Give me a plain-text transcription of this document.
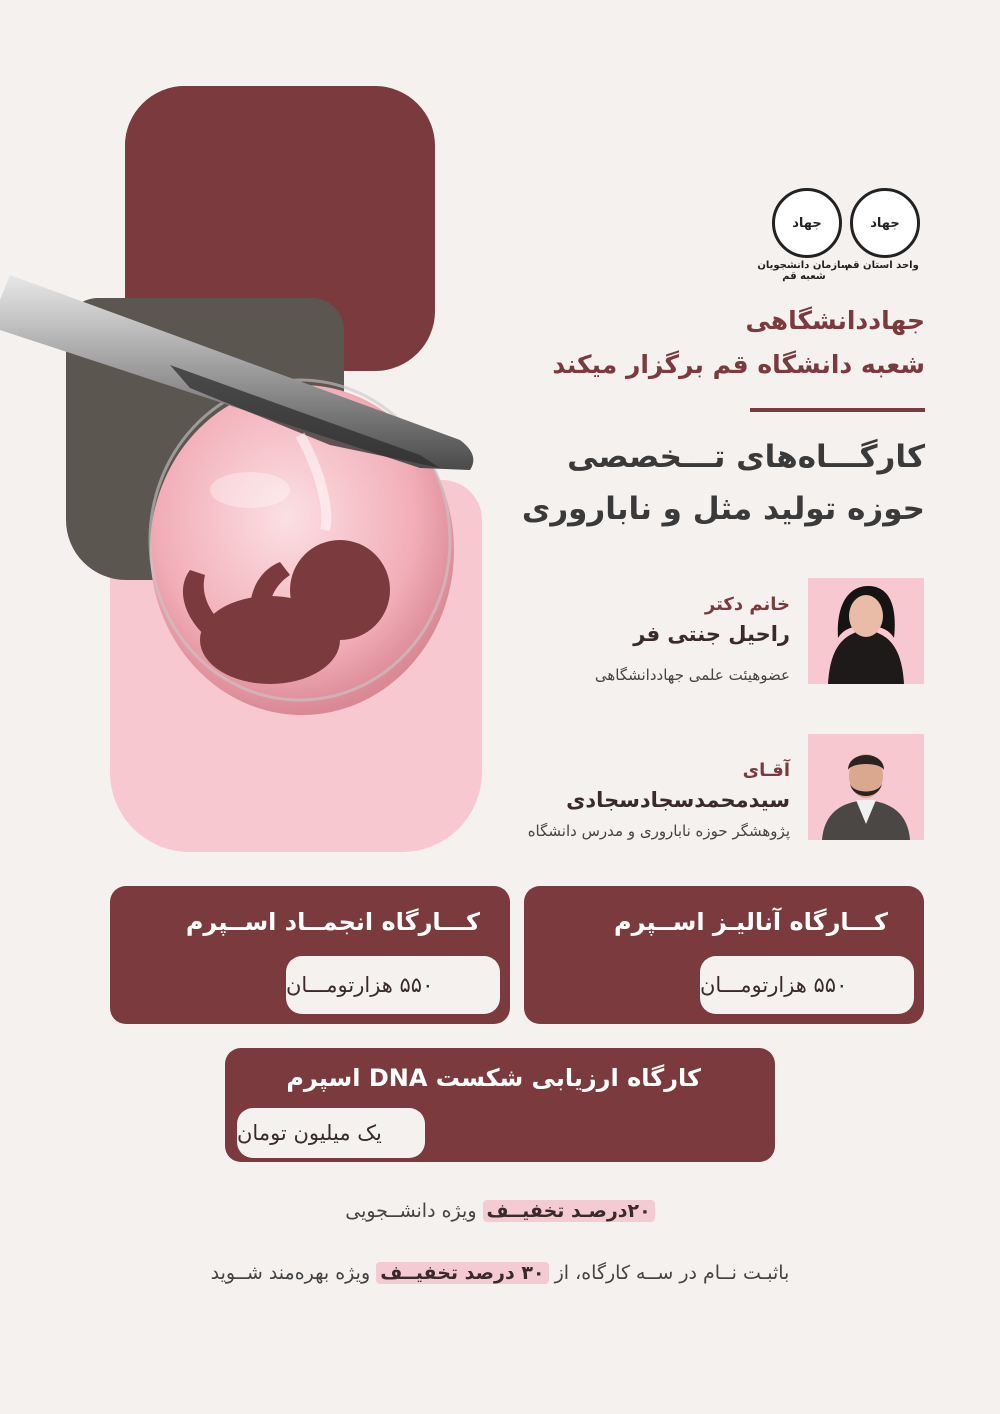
جهاد
واحد استان قم
جهاد
سازمان دانشجویان شعبه قم
جهاددانشگاهی
شعبه دانشگاه قم برگزار میکند
کارگـــاه‌های تـــخصصی
حوزه تولید مثل و ناباروری
خانم دکتر
راحیل جنتی فر
عضوهیئت علمی جهاددانشگاهی
آقـای
سیدمحمدسجادسجادی
پژوهشگر حوزه ناباروری و مدرس دانشگاه
کـــارگاه آنالیـز اســپرم
۵۵۰ هزارتومـــان
کـــارگاه انجمــاد اســپرم
۵۵۰ هزارتومـــان
کارگاه ارزیابی شکست DNA اسپرم
یک میلیون تومان
۲۰درصـد تخفیــف ویژه دانشــجویی
باثبـت نــام در ســه کارگاه، از ۳۰ درصد تخفیــف ویژه بهره‌مند شــوید
